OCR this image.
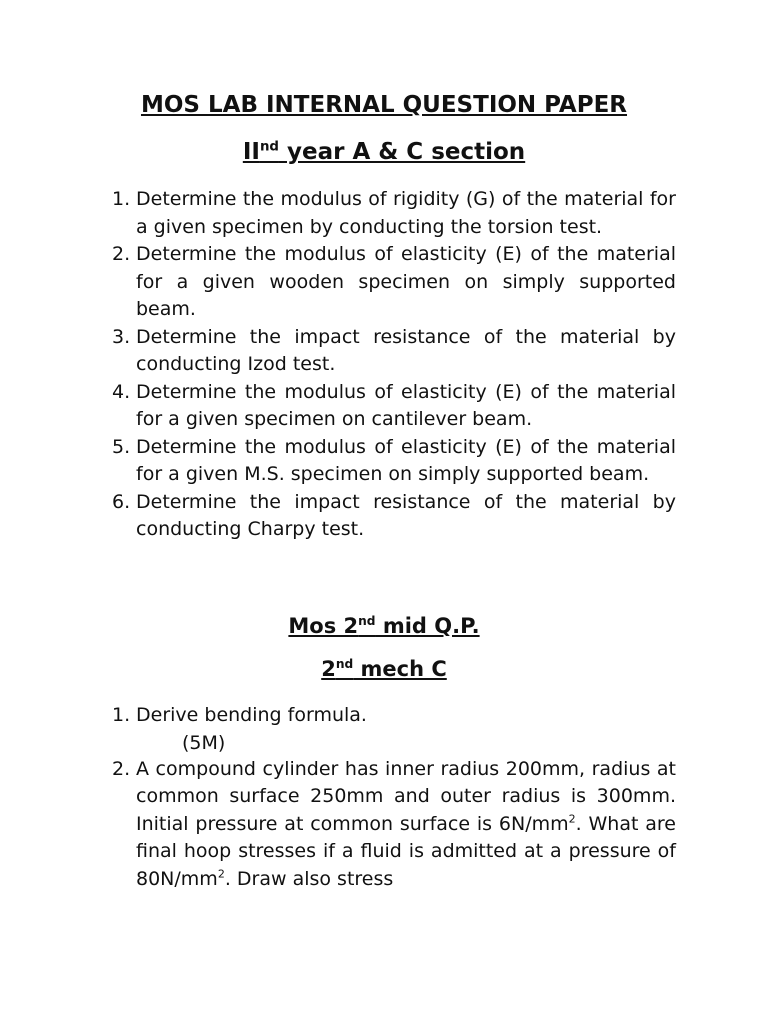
MOS LAB INTERNAL QUESTION PAPER
IInd year A & C section
1. Determine the modulus of rigidity (G) of the material for a given specimen by conducting the torsion test.
2. Determine the modulus of elasticity (E) of the material for a given wooden specimen on simply supported beam.
3. Determine the impact resistance of the material by conducting Izod test.
4. Determine the modulus of elasticity (E) of the material for a given specimen on cantilever beam.
5. Determine the modulus of elasticity (E) of the material for a given M.S. specimen on simply supported beam.
6. Determine the impact resistance of the material by conducting Charpy test.
Mos 2nd mid Q.P.
2nd mech C
1. Derive bending formula.
(5M)
2. A compound cylinder has inner radius 200mm, radius at common surface 250mm and outer radius is 300mm. Initial pressure at common surface is $6N/mm^2$. What are final hoop stresses if a fluid is admitted at a pressure of $80N/mm^2$. Draw also stress
